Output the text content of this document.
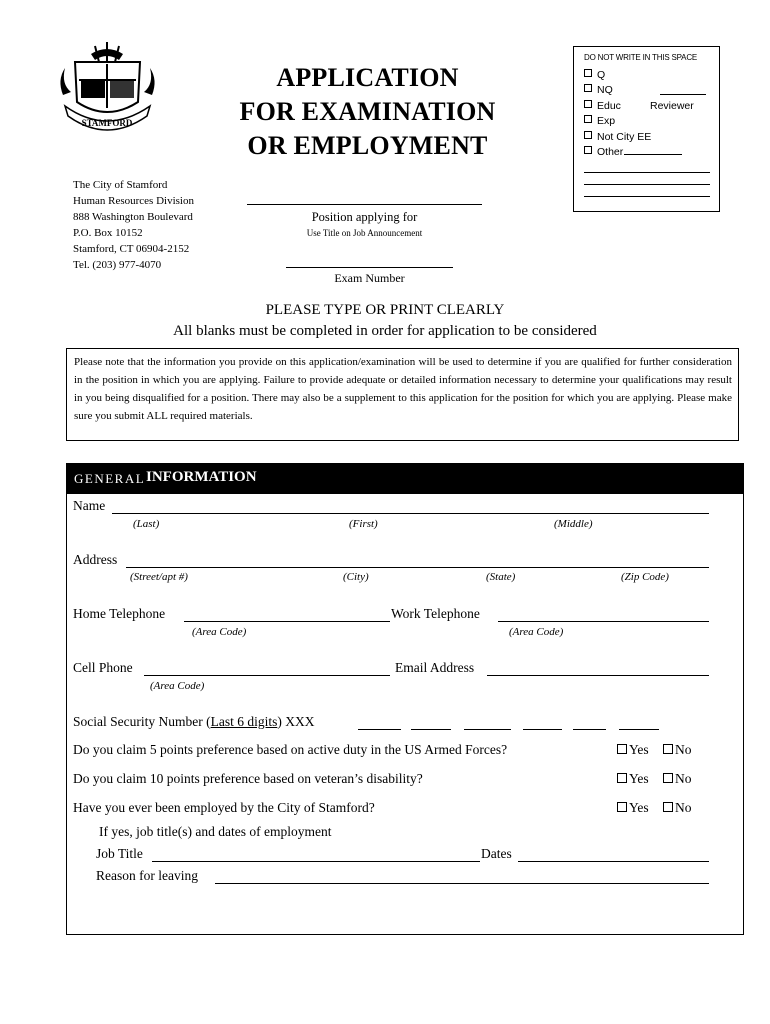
STAMFORD
APPLICATION
FOR EXAMINATION
OR EMPLOYMENT
DO NOT WRITE IN THIS SPACE
Q
NQ
Educ	Reviewer
Exp
Not City EE
Other
The City of Stamford
Human Resources Division
888 Washington Boulevard
P.O. Box 10152
Stamford, CT 06904-2152
Tel. (203) 977-4070
Position applying for
Use Title on Job Announcement
Exam Number
PLEASE TYPE OR PRINT CLEARLY
All blanks must be completed in order for application to be considered
Please note that the information you provide on this application/examination will be used to determine if you are qualified for further consideration in the position in which you are applying. Failure to provide adequate or detailed information necessary to determine your qualifications may result in you being disqualified for a position. There may also be a supplement to this application for the position for which you are applying. Please make sure you submit ALL required materials.
GENERAL INFORMATION
Name
(Last)	(First)	(Middle)
Address
(Street/apt #)	(City)	(State)	(Zip Code)
Home Telephone	Work Telephone
(Area Code)	(Area Code)
Cell Phone	Email Address
(Area Code)
Social Security Number (Last 6 digits) XXX
Do you claim 5 points preference based on active duty in the US Armed Forces?	Yes	No
Do you claim 10 points preference based on veteran’s disability?	Yes	No
Have you ever been employed by the City of Stamford?	Yes	No
If yes, job title(s) and dates of employment
Job Title	Dates
Reason for leaving
